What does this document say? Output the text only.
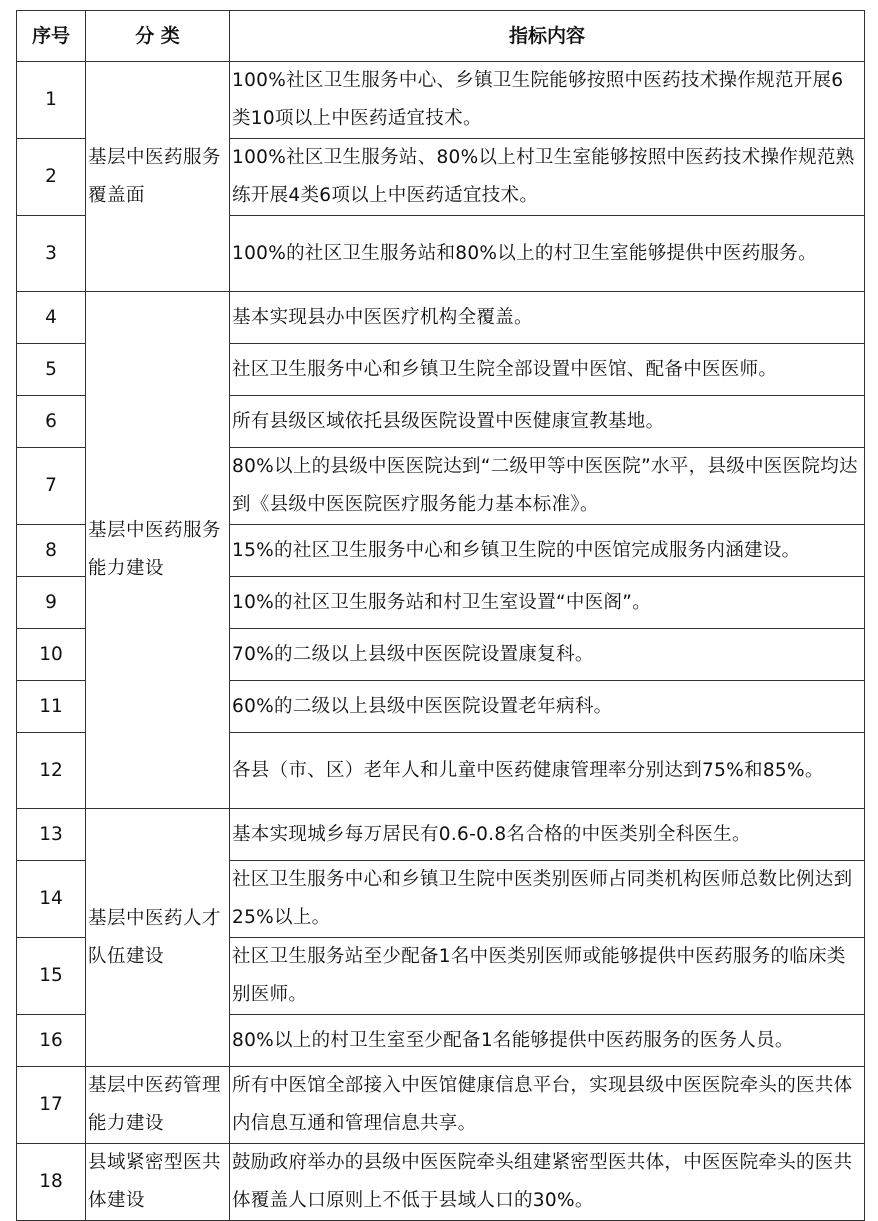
序号	分 类	指标内容
1	基层中医药服务覆盖面	100%社区卫生服务中心、乡镇卫生院能够按照中医药技术操作规范开展6类10项以上中医药适宜技术。
2		100%社区卫生服务站、80%以上村卫生室能够按照中医药技术操作规范熟练开展4类6项以上中医药适宜技术。
3		100%的社区卫生服务站和80%以上的村卫生室能够提供中医药服务。
4	基层中医药服务能力建设	基本实现县办中医医疗机构全覆盖。
5		社区卫生服务中心和乡镇卫生院全部设置中医馆、配备中医医师。
6		所有县级区域依托县级医院设置中医健康宣教基地。
7		80%以上的县级中医医院达到“二级甲等中医医院”水平，县级中医医院均达到《县级中医医院医疗服务能力基本标准》。
8		15%的社区卫生服务中心和乡镇卫生院的中医馆完成服务内涵建设。
9		10%的社区卫生服务站和村卫生室设置“中医阁”。
10		70%的二级以上县级中医医院设置康复科。
11		60%的二级以上县级中医医院设置老年病科。
12		各县（市、区）老年人和儿童中医药健康管理率分别达到75%和85%。
13	基层中医药人才队伍建设	基本实现城乡每万居民有0.6-0.8名合格的中医类别全科医生。
14		社区卫生服务中心和乡镇卫生院中医类别医师占同类机构医师总数比例达到25%以上。
15		社区卫生服务站至少配备1名中医类别医师或能够提供中医药服务的临床类别医师。
16		80%以上的村卫生室至少配备1名能够提供中医药服务的医务人员。
17	基层中医药管理能力建设	所有中医馆全部接入中医馆健康信息平台，实现县级中医医院牵头的医共体内信息互通和管理信息共享。
18	县域紧密型医共体建设	鼓励政府举办的县级中医医院牵头组建紧密型医共体，中医医院牵头的医共体覆盖人口原则上不低于县域人口的30%。
